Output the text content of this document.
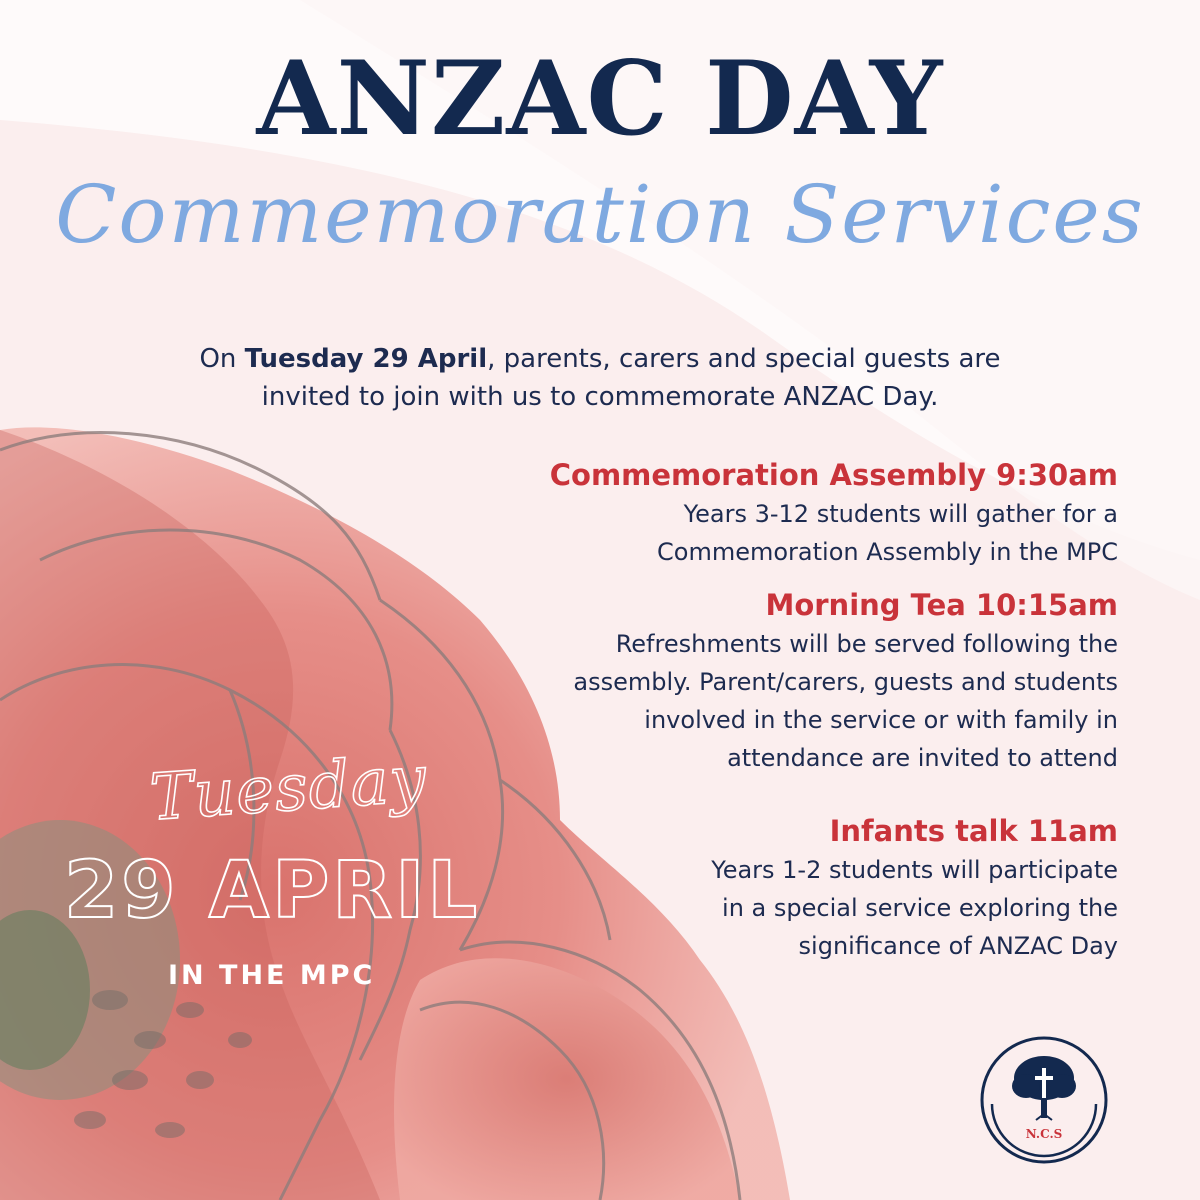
ANZAC DAY
Commemoration Services
On Tuesday 29 April, parents, carers and special guests are
invited to join with us to commemorate ANZAC Day.
Commemoration Assembly 9:30am
Years 3-12 students will gather for a
Commemoration Assembly in the MPC
Morning Tea 10:15am
Refreshments will be served following the
assembly. Parent/carers, guests and students
involved in the service or with family in
attendance are invited to attend
Infants talk 11am
Years 1-2 students will participate
in a special service exploring the
significance of ANZAC Day
Tuesday
29 APRIL
IN THE MPC
N.C.S
